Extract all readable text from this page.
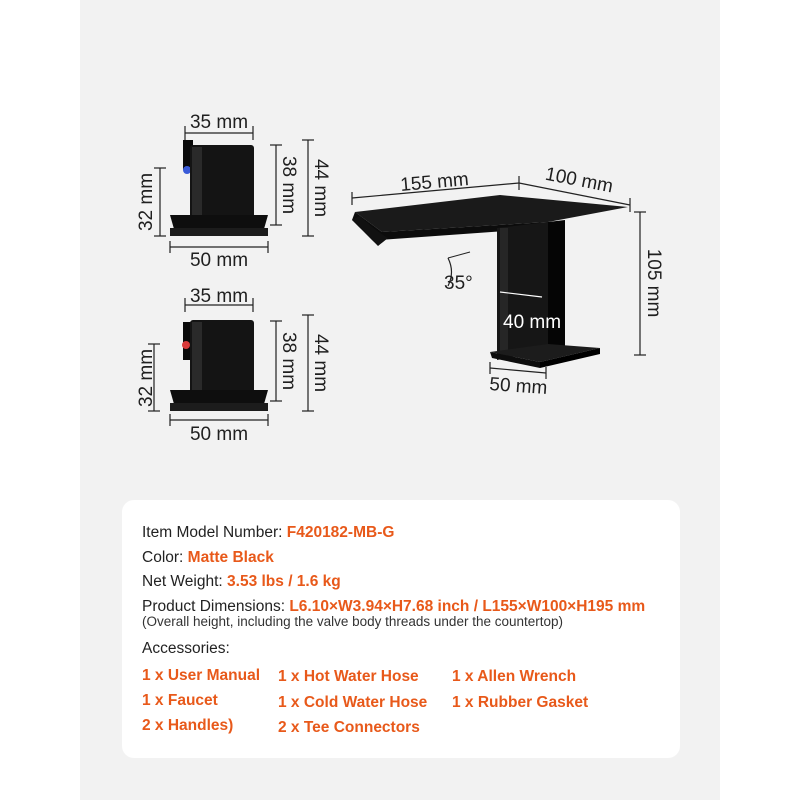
35 mm
32 mm	38 mm 44 mm
50 mm
35 mm
32 mm	38 mm 44 mm
50 mm
155 mm	100 mm
35°
40 mm
50 mm
105 mm
Item Model Number: F420182-MB-G
Color: Matte Black
Net Weight: 3.53 lbs / 1.6 kg
Product Dimensions: L6.10×W3.94×H7.68 inch / L155×W100×H195 mm
(Overall height, including the valve body threads under the countertop)
Accessories:
1 x User Manual 1 x Hot Water Hose 1 x Allen Wrench
1 x Faucet	1 x Cold Water Hose 1 x Rubber Gasket
2 x Handles)	2 x Tee Connectors
